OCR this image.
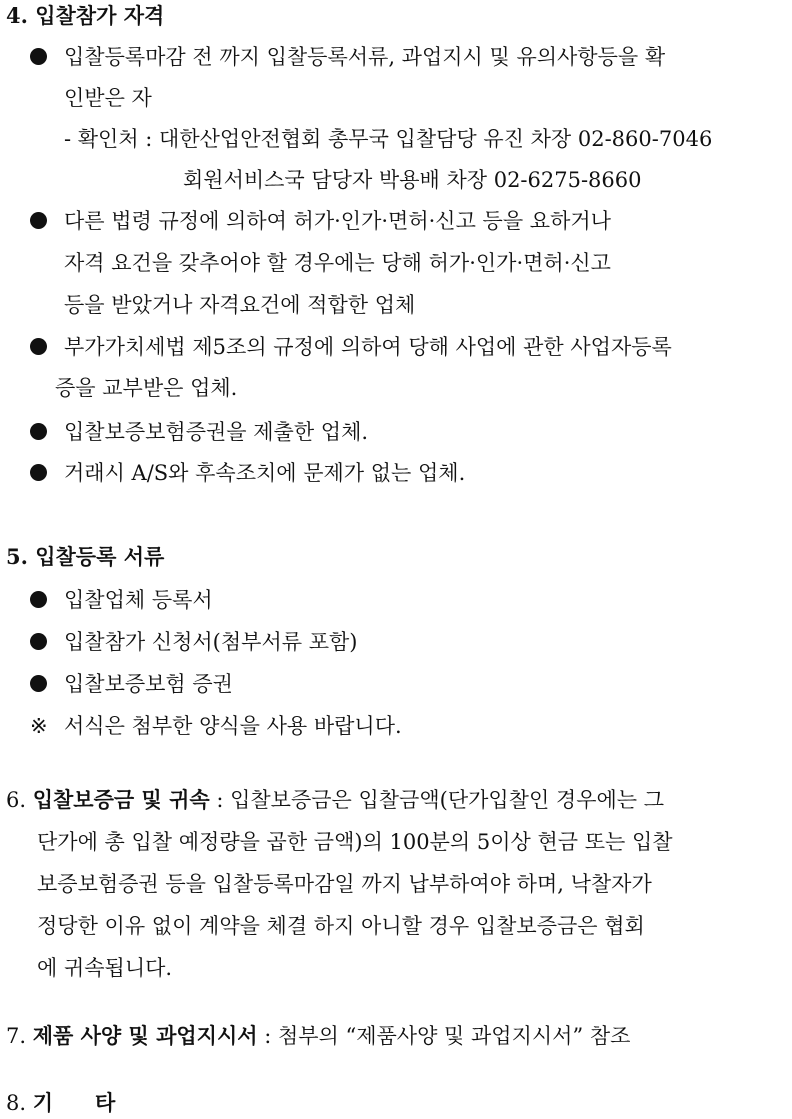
4. 입찰참가 자격
입찰등록마감 전 까지 입찰등록서류, 과업지시 및 유의사항등을 확
인받은 자
- 확인처 : 대한산업안전협회 총무국 입찰담당 유진 차장 02-860-7046
회원서비스국 담당자 박용배 차장 02-6275-8660
다른 법령 규정에 의하여 허가·인가·면허·신고 등을 요하거나
자격 요건을 갖추어야 할 경우에는 당해 허가·인가·면허·신고
등을 받았거나 자격요건에 적합한 업체
부가가치세법 제5조의 규정에 의하여 당해 사업에 관한 사업자등록
증을 교부받은 업체.
입찰보증보험증권을 제출한 업체.
거래시 A/S와 후속조치에 문제가 없는 업체.
5. 입찰등록 서류
입찰업체 등록서
입찰참가 신청서(첨부서류 포함)
입찰보증보험 증권
※ 서식은 첨부한 양식을 사용 바랍니다.
6. 입찰보증금 및 귀속 : 입찰보증금은 입찰금액(단가입찰인 경우에는 그
단가에 총 입찰 예정량을 곱한 금액)의 100분의 5이상 현금 또는 입찰
보증보험증권 등을 입찰등록마감일 까지 납부하여야 하며, 낙찰자가
정당한 이유 없이 계약을 체결 하지 아니할 경우 입찰보증금은 협회
에 귀속됩니다.
7. 제품 사양 및 과업지시서 : 첨부의 “제품사양 및 과업지시서” 참조
8. 기 타
